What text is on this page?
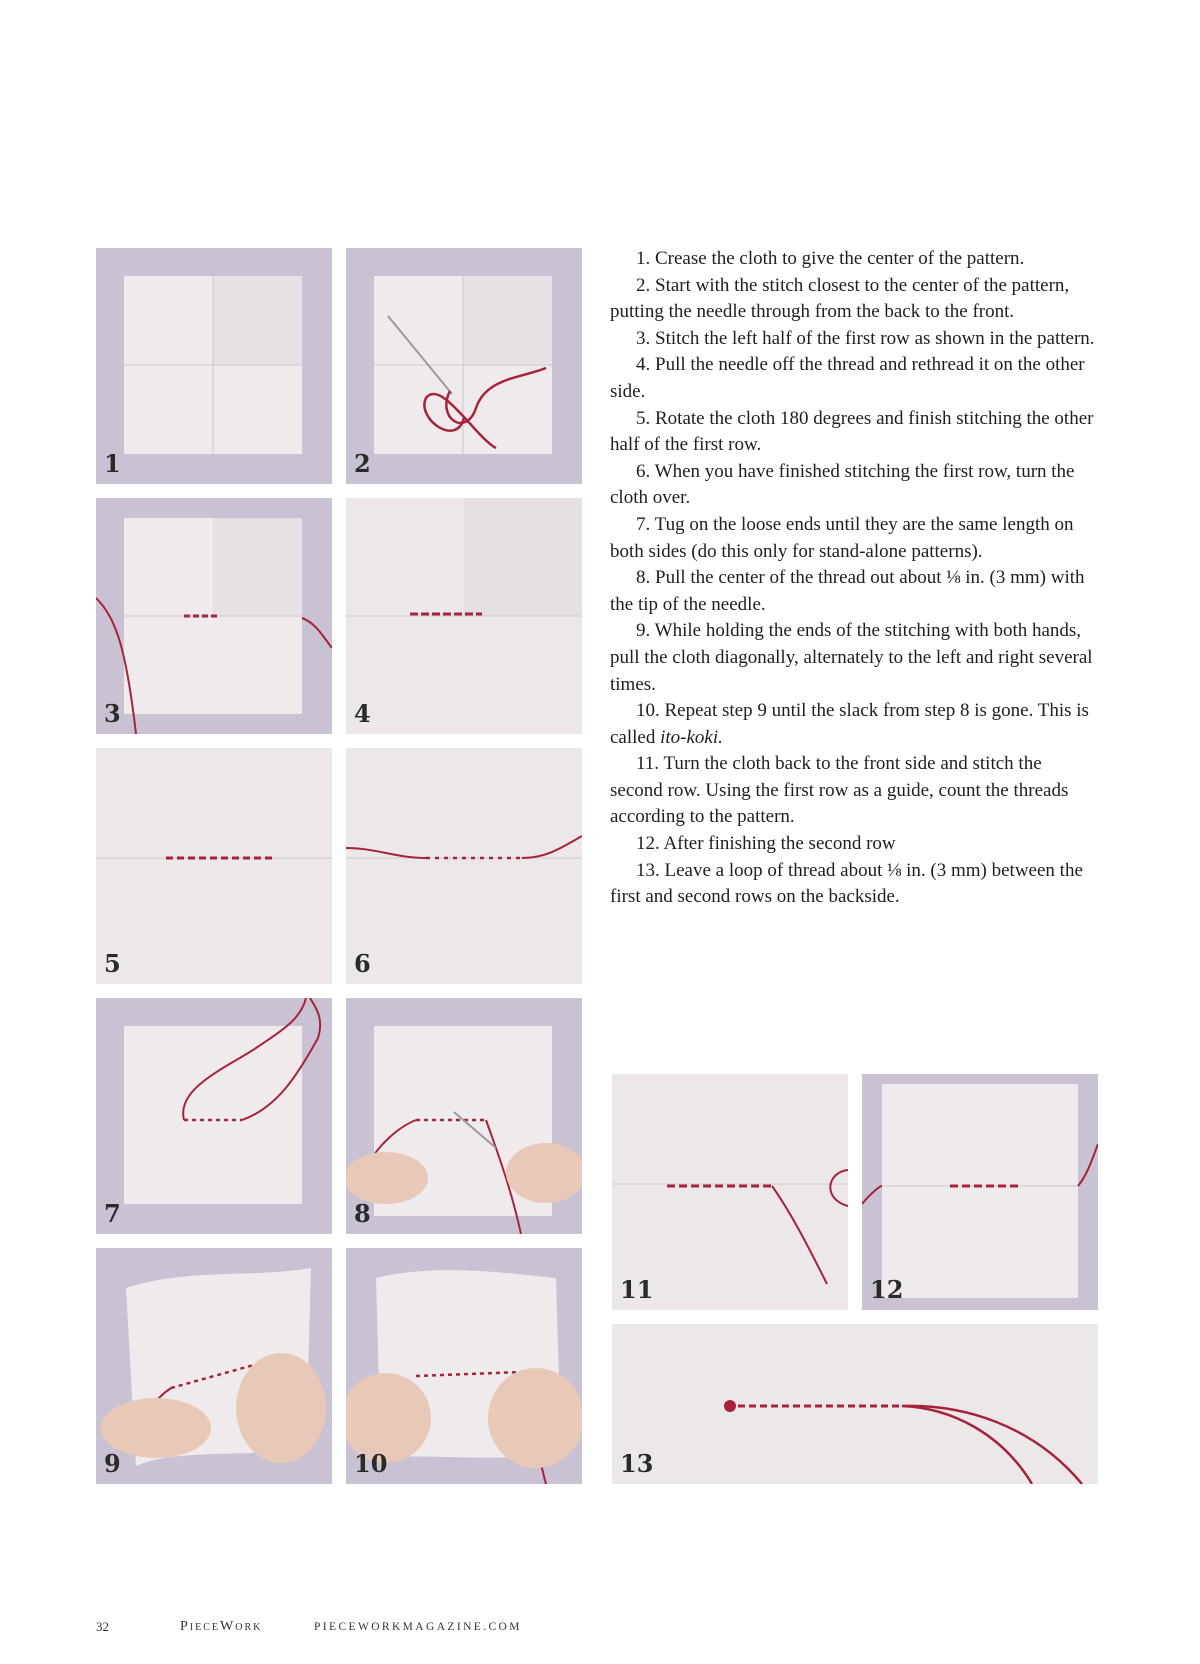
1	2
3	4
5	6
7	8
9	10
11	12
13

1. Crease the cloth to give the center of the pattern.

2. Start with the stitch closest to the center of the pattern, putting the needle through from the back to the front.

3. Stitch the left half of the first row as shown in the pattern.

4. Pull the needle off the thread and rethread it on the other side.

5. Rotate the cloth 180 degrees and finish stitching the other half of the first row.

6. When you have finished stitching the first row, turn the cloth over.

7. Tug on the loose ends until they are the same length on both sides (do this only for stand-alone patterns).

8. Pull the center of the thread out about ⅛ in. (3 mm) with the tip of the needle.

9. While holding the ends of the stitching with both hands, pull the cloth diagonally, alternately to the left and right several times.

10. Repeat step 9 until the slack from step 8 is gone. This is called ito-koki.

11. Turn the cloth back to the front side and stitch the second row. Using the first row as a guide, count the threads according to the pattern.

12. After finishing the second row

13. Leave a loop of thread about ⅛ in. (3 mm) between the first and second rows on the backside.

32	PieceWork	PIECEWORKMAGAZINE.COM
